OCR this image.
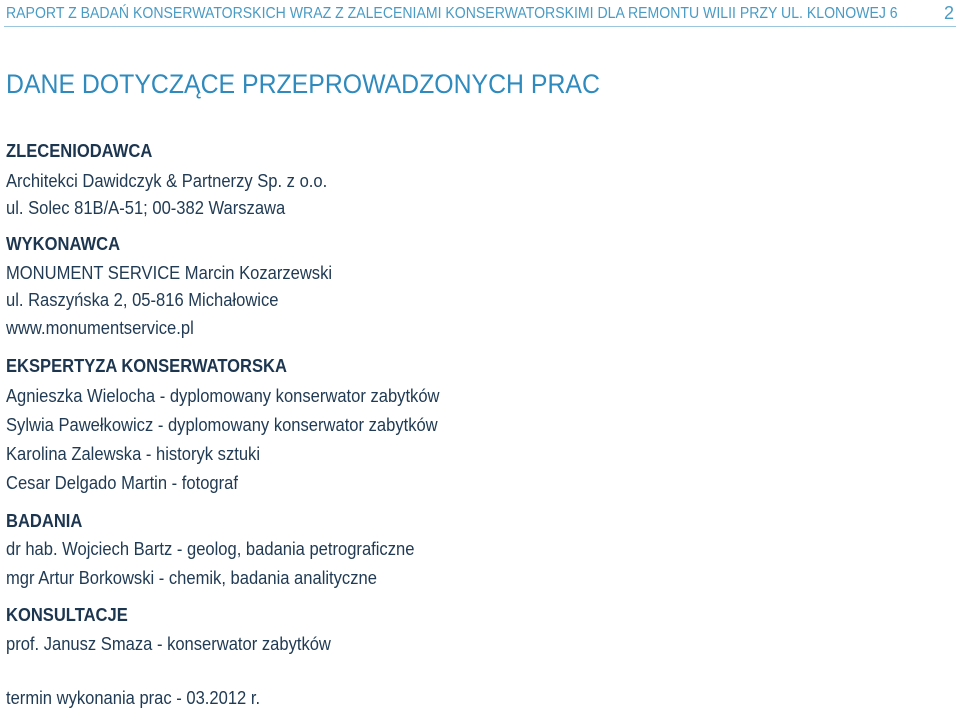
RAPORT Z BADAŃ KONSERWATORSKICH WRAZ Z ZALECENIAMI KONSERWATORSKIMI DLA REMONTU WILII PRZY UL. KLONOWEJ 6	2
DANE DOTYCZĄCE PRZEPROWADZONYCH PRAC
ZLECENIODAWCA
Architekci Dawidczyk & Partnerzy Sp. z o.o.
ul. Solec 81B/A-51; 00-382 Warszawa
WYKONAWCA
MONUMENT SERVICE Marcin Kozarzewski
ul. Raszyńska 2, 05-816 Michałowice
www.monumentservice.pl
EKSPERTYZA KONSERWATORSKA
Agnieszka Wielocha - dyplomowany konserwator zabytków
Sylwia Pawełkowicz - dyplomowany konserwator zabytków
Karolina Zalewska - historyk sztuki
Cesar Delgado Martin - fotograf
BADANIA
dr hab. Wojciech Bartz - geolog, badania petrograficzne
mgr Artur Borkowski - chemik, badania analityczne
KONSULTACJE
prof. Janusz Smaza - konserwator zabytków
termin wykonania prac - 03.2012 r.
